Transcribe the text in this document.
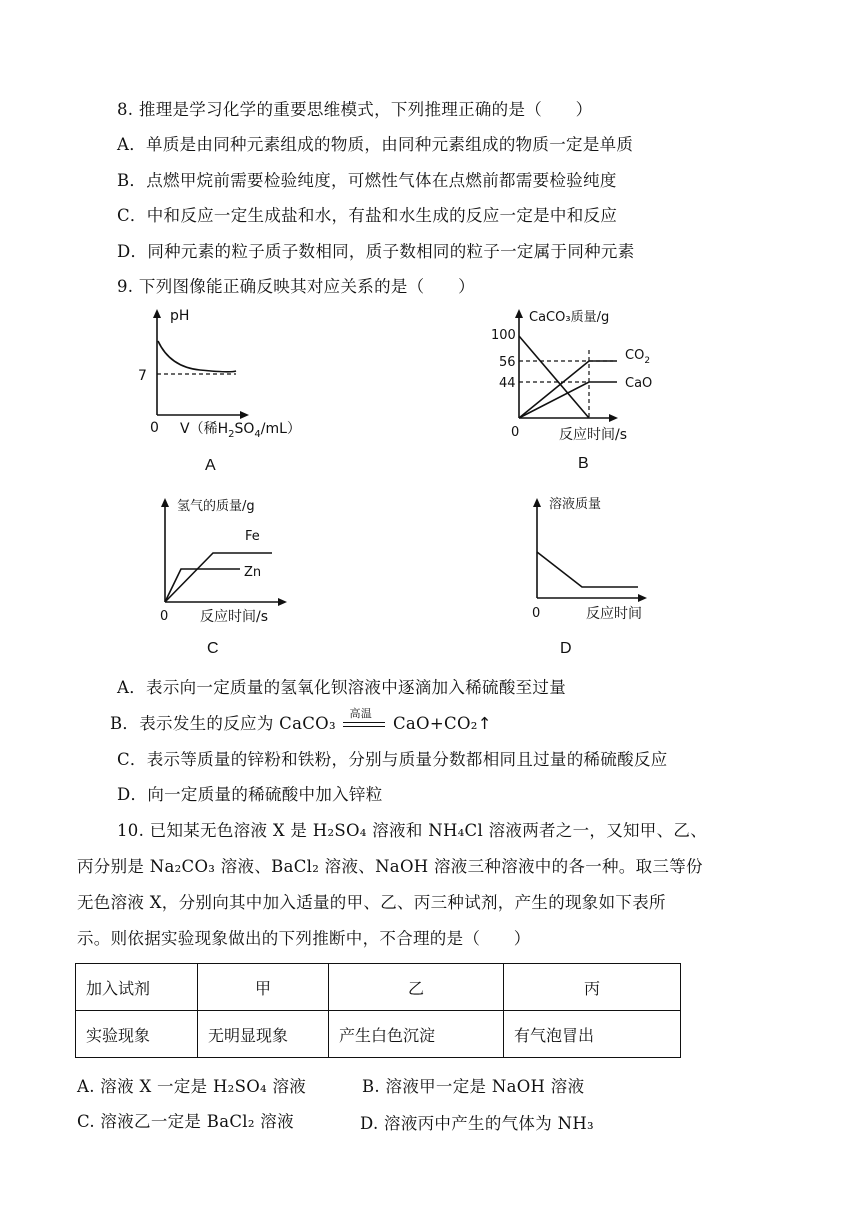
8. 推理是学习化学的重要思维模式，下列推理正确的是（　　）
A．单质是由同种元素组成的物质，由同种元素组成的物质一定是单质
B．点燃甲烷前需要检验纯度，可燃性气体在点燃前都需要检验纯度
C．中和反应一定生成盐和水，有盐和水生成的反应一定是中和反应
D．同种元素的粒子质子数相同，质子数相同的粒子一定属于同种元素
9. 下列图像能正确反映其对应关系的是（　　）
pH
7
0 V（稀$H_2SO_4/mL$）
A
CaCO₃质量/g
100
56
44
$CO_2$
CaO
0	反应时间/s
B
氢气的质量/g
Fe
Zn
0 反应时间/s
C
溶液质量
0	反应时间
D
A．表示向一定质量的氢氧化钡溶液中逐滴加入稀硫酸至过量
B．表示发生的反应为 CaCO₃
高温
CaO+CO₂↑
C．表示等质量的锌粉和铁粉，分别与质量分数都相同且过量的稀硫酸反应
D．向一定质量的稀硫酸中加入锌粒
10. 已知某无色溶液 X 是 H₂SO₄ 溶液和 NH₄Cl 溶液两者之一，又知甲、乙、
丙分别是 Na₂CO₃ 溶液、BaCl₂ 溶液、NaOH 溶液三种溶液中的各一种。取三等份
无色溶液 X，分别向其中加入适量的甲、乙、丙三种试剂，产生的现象如下表所
示。则依据实验现象做出的下列推断中，不合理的是（　　）
加入试剂	甲	乙	丙
实验现象	无明显现象	产生白色沉淀	有气泡冒出
A. 溶液 X 一定是 H₂SO₄ 溶液	B. 溶液甲一定是 NaOH 溶液
C. 溶液乙一定是 BaCl₂ 溶液	D. 溶液丙中产生的气体为 NH₃
